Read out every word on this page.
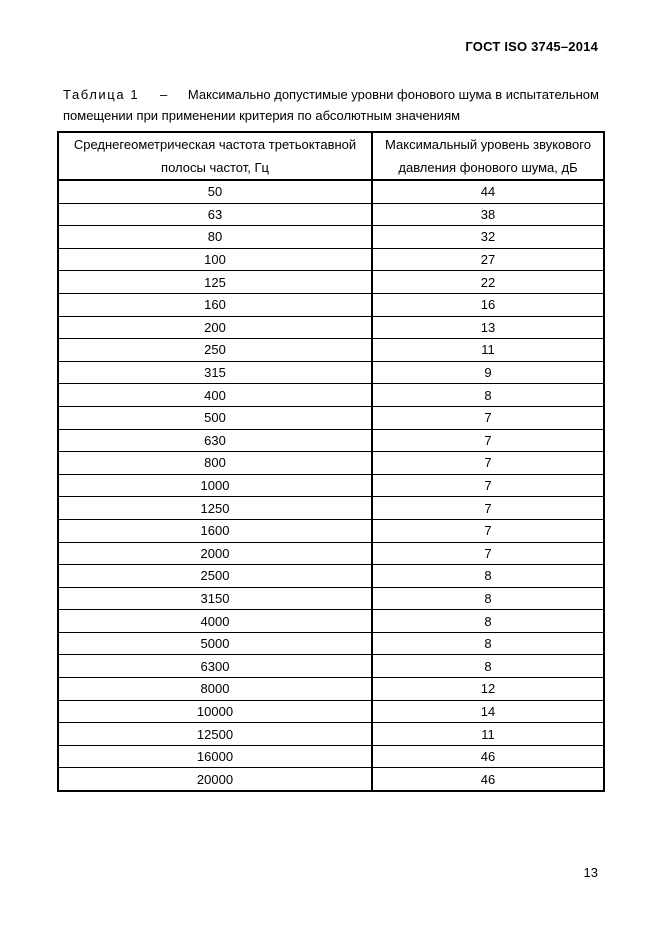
ГОСТ ISO 3745–2014
Таблица 1 – Максимально допустимые уровни фонового шума в испытательном
помещении при применении критерия по абсолютным значениям
Среднегеометрическая частота третьоктавной полосы частот, Гц	Максимальный уровень звукового давления фонового шума, дБ
50	44
63	38
80	32
100	27
125	22
160	16
200	13
250	11
315	9
400	8
500	7
630	7
800	7
1000	7
1250	7
1600	7
2000	7
2500	8
3150	8
4000	8
5000	8
6300	8
8000	12
10000	14
12500	11
16000	46
20000	46
13
